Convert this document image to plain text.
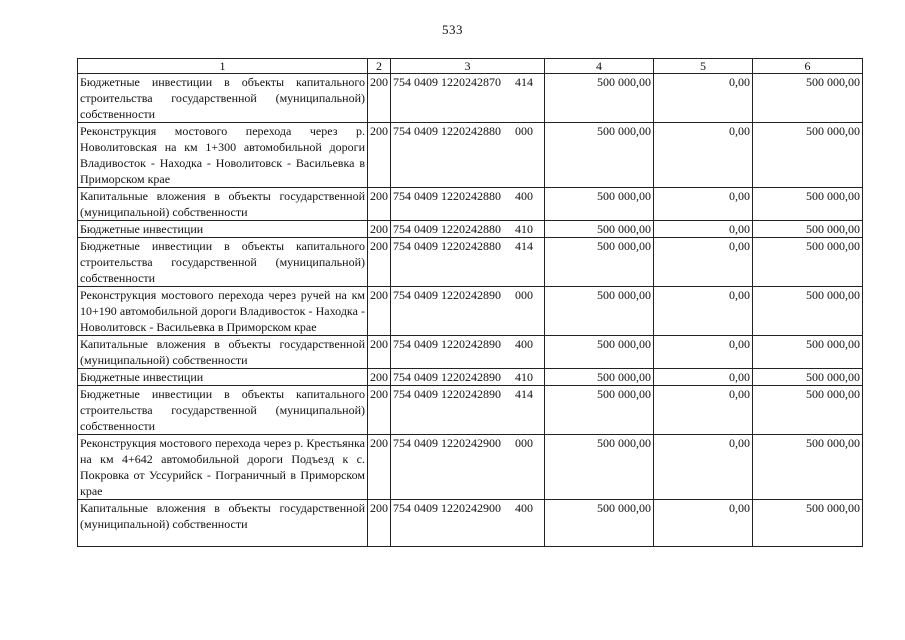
533
1	2	3	4	5	6
Бюджетные инвестиции в объекты капитального строительства государственной (муниципальной) собственности	200	754 0409 1220242870 414	500 000,00	0,00	500 000,00
Реконструкция мостового перехода через р. Новолитовская на км 1+300 автомобильной дороги Владивосток - Находка - Новолитовск - Васильевка в Приморском крае	200	754 0409 1220242880 000	500 000,00	0,00	500 000,00
Капитальные вложения в объекты государственной (муниципальной) собственности	200	754 0409 1220242880 400	500 000,00	0,00	500 000,00
Бюджетные инвестиции	200	754 0409 1220242880 410	500 000,00	0,00	500 000,00
Бюджетные инвестиции в объекты капитального строительства государственной (муниципальной) собственности	200	754 0409 1220242880 414	500 000,00	0,00	500 000,00
Реконструкция мостового перехода через ручей на км 10+190 автомобильной дороги Владивосток - Находка - Новолитовск - Васильевка в Приморском крае	200	754 0409 1220242890 000	500 000,00	0,00	500 000,00
Капитальные вложения в объекты государственной (муниципальной) собственности	200	754 0409 1220242890 400	500 000,00	0,00	500 000,00
Бюджетные инвестиции	200	754 0409 1220242890 410	500 000,00	0,00	500 000,00
Бюджетные инвестиции в объекты капитального строительства государственной (муниципальной) собственности	200	754 0409 1220242890 414	500 000,00	0,00	500 000,00
Реконструкция мостового перехода через р. Крестьянка на км 4+642 автомобильной дороги Подъезд к с. Покровка от Уссурийск - Пограничный в Приморском крае	200	754 0409 1220242900 000	500 000,00	0,00	500 000,00
Капитальные вложения в объекты государственной (муниципальной) собственности	200	754 0409 1220242900 400	500 000,00	0,00	500 000,00
